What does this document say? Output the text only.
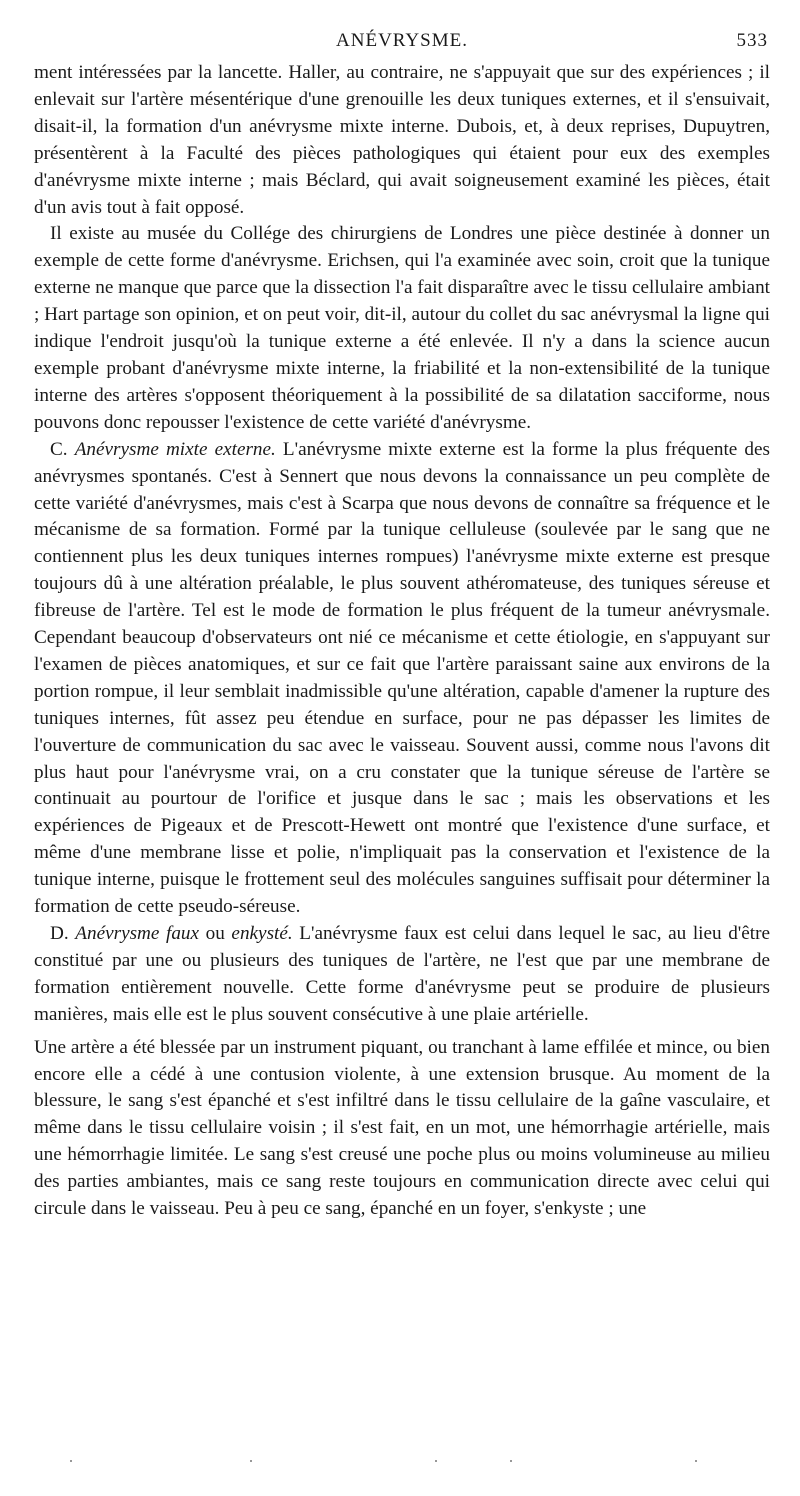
ANÉVRYSME.	533

ment intéressées par la lancette. Haller, au contraire, ne s'appuyait que sur des expériences ; il enlevait sur l'artère mésentérique d'une grenouille les deux tuniques externes, et il s'ensuivait, disait-il, la formation d'un anévrysme mixte interne. Dubois, et, à deux reprises, Dupuytren, présentèrent à la Faculté des pièces pathologiques qui étaient pour eux des exemples d'anévrysme mixte interne ; mais Béclard, qui avait soigneusement examiné les pièces, était d'un avis tout à fait opposé.

Il existe au musée du Collége des chirurgiens de Londres une pièce destinée à donner un exemple de cette forme d'anévrysme. Erichsen, qui l'a examinée avec soin, croit que la tunique externe ne manque que parce que la dissection l'a fait disparaître avec le tissu cellulaire ambiant ; Hart partage son opinion, et on peut voir, dit-il, autour du collet du sac anévrysmal la ligne qui indique l'endroit jusqu'où la tunique externe a été enlevée. Il n'y a dans la science aucun exemple probant d'anévrysme mixte interne, la friabilité et la non-extensibilité de la tunique interne des artères s'opposent théoriquement à la possibilité de sa dilatation sacciforme, nous pouvons donc repousser l'existence de cette variété d'anévrysme.

C. Anévrysme mixte externe. L'anévrysme mixte externe est la forme la plus fréquente des anévrysmes spontanés. C'est à Sennert que nous devons la connaissance un peu complète de cette variété d'anévrysmes, mais c'est à Scarpa que nous devons de connaître sa fréquence et le mécanisme de sa formation. Formé par la tunique celluleuse (soulevée par le sang que ne contiennent plus les deux tuniques internes rompues) l'anévrysme mixte externe est presque toujours dû à une altération préalable, le plus souvent athéromateuse, des tuniques séreuse et fibreuse de l'artère. Tel est le mode de formation le plus fréquent de la tumeur anévrysmale. Cependant beaucoup d'observateurs ont nié ce mécanisme et cette étiologie, en s'appuyant sur l'examen de pièces anatomiques, et sur ce fait que l'artère paraissant saine aux environs de la portion rompue, il leur semblait inadmissible qu'une altération, capable d'amener la rupture des tuniques internes, fût assez peu étendue en surface, pour ne pas dépasser les limites de l'ouverture de communication du sac avec le vaisseau. Souvent aussi, comme nous l'avons dit plus haut pour l'anévrysme vrai, on a cru constater que la tunique séreuse de l'artère se continuait au pourtour de l'orifice et jusque dans le sac ; mais les observations et les expériences de Pigeaux et de Prescott-Hewett ont montré que l'existence d'une surface, et même d'une membrane lisse et polie, n'impliquait pas la conservation et l'existence de la tunique interne, puisque le frottement seul des molécules sanguines suffisait pour déterminer la formation de cette pseudo-séreuse.

D. Anévrysme faux ou enkysté. L'anévrysme faux est celui dans lequel le sac, au lieu d'être constitué par une ou plusieurs des tuniques de l'artère, ne l'est que par une membrane de formation entièrement nouvelle. Cette forme d'anévrysme peut se produire de plusieurs manières, mais elle est le plus souvent consécutive à une plaie artérielle.

Une artère a été blessée par un instrument piquant, ou tranchant à lame effilée et mince, ou bien encore elle a cédé à une contusion violente, à une extension brusque. Au moment de la blessure, le sang s'est épanché et s'est infiltré dans le tissu cellulaire de la gaîne vasculaire, et même dans le tissu cellulaire voisin ; il s'est fait, en un mot, une hémorrhagie artérielle, mais une hémorrhagie limitée. Le sang s'est creusé une poche plus ou moins volumineuse au milieu des parties ambiantes, mais ce sang reste toujours en communication directe avec celui qui circule dans le vaisseau. Peu à peu ce sang, épanché en un foyer, s'enkyste ; une
